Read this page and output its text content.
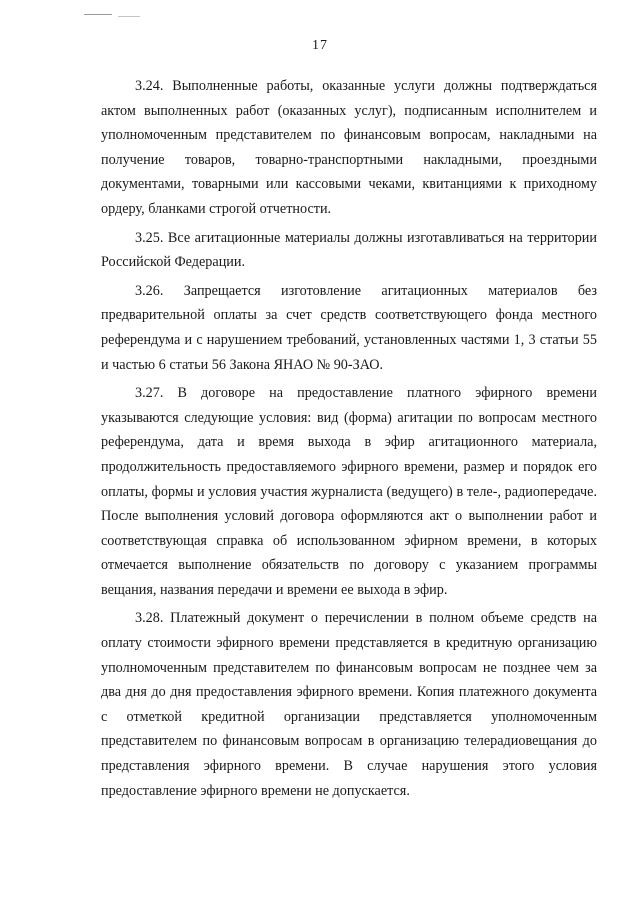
17

3.24. Выполненные работы, оказанные услуги должны подтверждаться актом выполненных работ (оказанных услуг), подписанным исполнителем и уполномоченным представителем по финансовым вопросам, накладными на получение товаров, товарно-транспортными накладными, проездными документами, товарными или кассовыми чеками, квитанциями к приходному ордеру, бланками строгой отчетности.

3.25. Все агитационные материалы должны изготавливаться на территории Российской Федерации.

3.26. Запрещается изготовление агитационных материалов без предварительной оплаты за счет средств соответствующего фонда местного референдума и с нарушением требований, установленных частями 1, 3 статьи 55 и частью 6 статьи 56 Закона ЯНАО № 90-ЗАО.

3.27. В договоре на предоставление платного эфирного времени указываются следующие условия: вид (форма) агитации по вопросам местного референдума, дата и время выхода в эфир агитационного материала, продолжительность предоставляемого эфирного времени, размер и порядок его оплаты, формы и условия участия журналиста (ведущего) в теле-, радиопередаче. После выполнения условий договора оформляются акт о выполнении работ и соответствующая справка об использованном эфирном времени, в которых отмечается выполнение обязательств по договору с указанием программы вещания, названия передачи и времени ее выхода в эфир.

3.28. Платежный документ о перечислении в полном объеме средств на оплату стоимости эфирного времени представляется в кредитную организацию уполномоченным представителем по финансовым вопросам не позднее чем за два дня до дня предоставления эфирного времени. Копия платежного документа с отметкой кредитной организации представляется уполномоченным представителем по финансовым вопросам в организацию телерадиовещания до представления эфирного времени. В случае нарушения этого условия предоставление эфирного времени не допускается.
